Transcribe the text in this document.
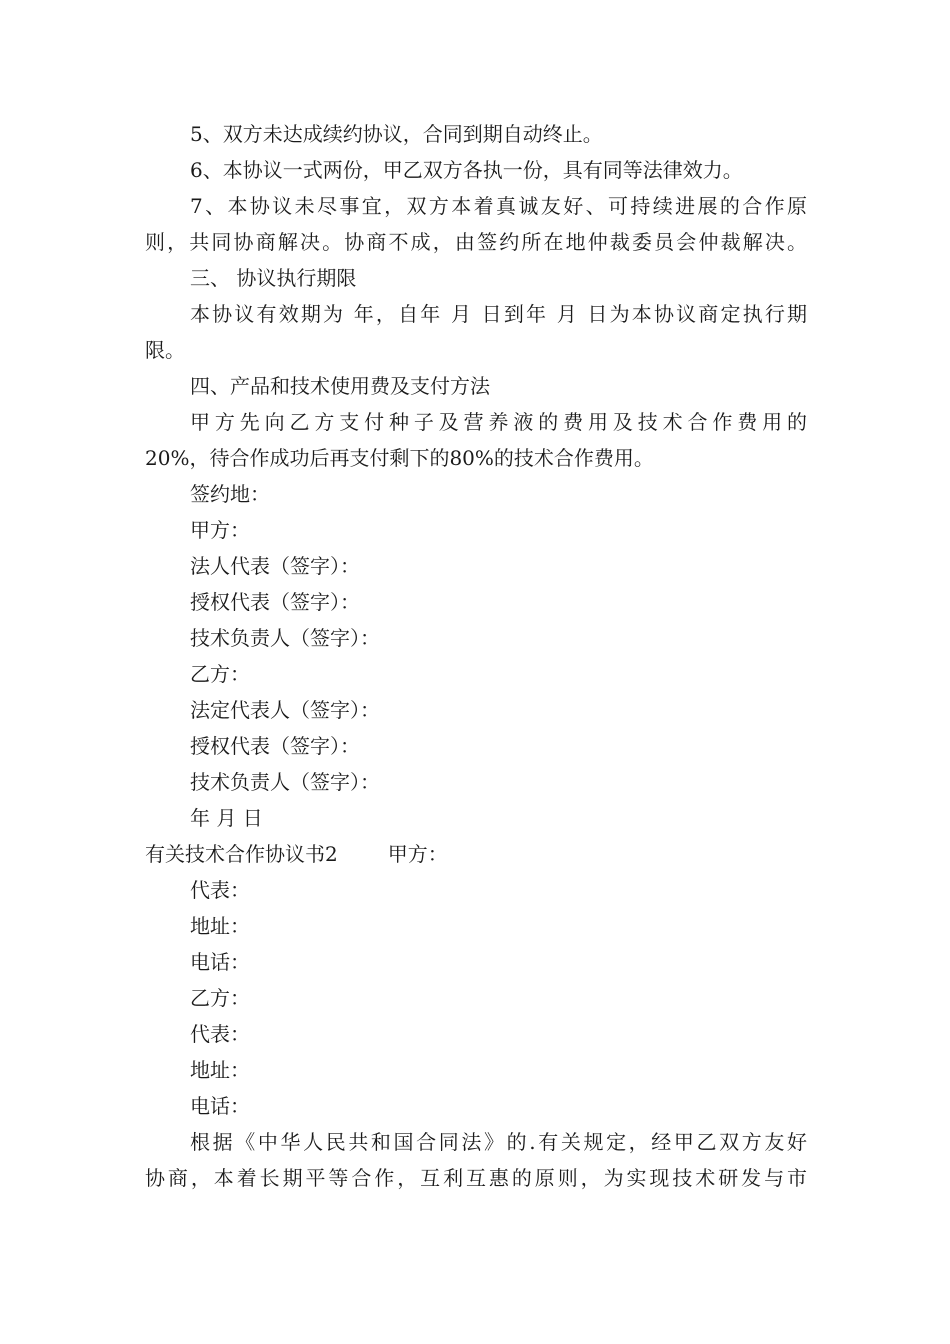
5、双方未达成续约协议，合同到期自动终止。
6、本协议一式两份，甲乙双方各执一份，具有同等法律效力。
7、本协议未尽事宜，双方本着真诚友好、可持续进展的合作原
则，共同协商解决。协商不成，由签约所在地仲裁委员会仲裁解决。
三、 协议执行期限
本协议有效期为 年，自年 月 日到年 月 日为本协议商定执行期
限。
四、产品和技术使用费及支付方法
甲方先向乙方支付种子及营养液的费用及技术合作费用的
20%，待合作成功后再支付剩下的80%的技术合作费用。
签约地：
甲方：
法人代表（签字）：
授权代表（签字）：
技术负责人（签字）：
乙方：
法定代表人（签字）：
授权代表（签字）：
技术负责人（签字）：
年 月 日
有关技术合作协议书2	甲方：
代表：
地址：
电话：
乙方：
代表：
地址：
电话：
根据《中华人民共和国合同法》的.有关规定，经甲乙双方友好
协商，本着长期平等合作，互利互惠的原则，为实现技术研发与市
